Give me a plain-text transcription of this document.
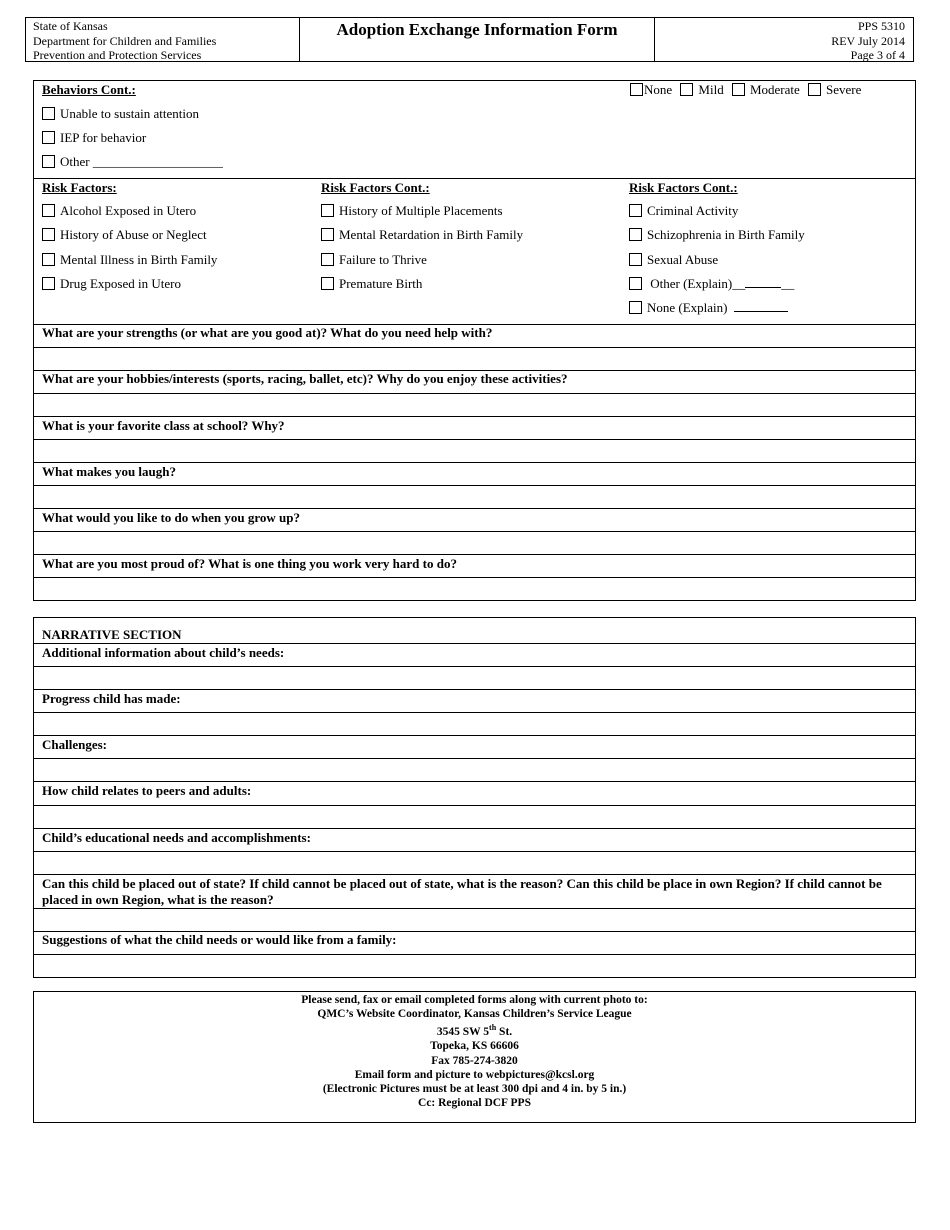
State of Kansas
Department for Children and Families
Prevention and Protection Services
Adoption Exchange Information Form	PPS 5310
REV July 2014
Page 3 of 4
Behaviors Cont.:	None Mild Moderate Severe
Unable to sustain attention
IEP for behavior
Other ____________________
Risk Factors:
Alcohol Exposed in Utero
History of Abuse or Neglect
Mental Illness in Birth Family
Drug Exposed in Utero
Risk Factors Cont.:
History of Multiple Placements
Mental Retardation in Birth Family
Failure to Thrive
Premature Birth
Risk Factors Cont.:
Criminal Activity
Schizophrenia in Birth Family
Sexual Abuse
Other (Explain)__	__
None (Explain)
What are your strengths (or what are you good at)? What do you need help with?
What are your hobbies/interests (sports, racing, ballet, etc)? Why do you enjoy these activities?
What is your favorite class at school? Why?
What makes you laugh?
What would you like to do when you grow up?
What are you most proud of? What is one thing you work very hard to do?
NARRATIVE SECTION
Additional information about child’s needs:
Progress child has made:
Challenges:
How child relates to peers and adults:
Child’s educational needs and accomplishments:
Can this child be placed out of state? If child cannot be placed out of state, what is the reason? Can this child be place in own Region? If child cannot be placed in own Region, what is the reason?
Suggestions of what the child needs or would like from a family:
Please send, fax or email completed forms along with current photo to:
QMC’s Website Coordinator, Kansas Children’s Service League
3545 SW 5th St.
Topeka, KS 66606
Fax 785-274-3820
Email form and picture to webpictures@kcsl.org
(Electronic Pictures must be at least 300 dpi and 4 in. by 5 in.)
Cc: Regional DCF PPS
